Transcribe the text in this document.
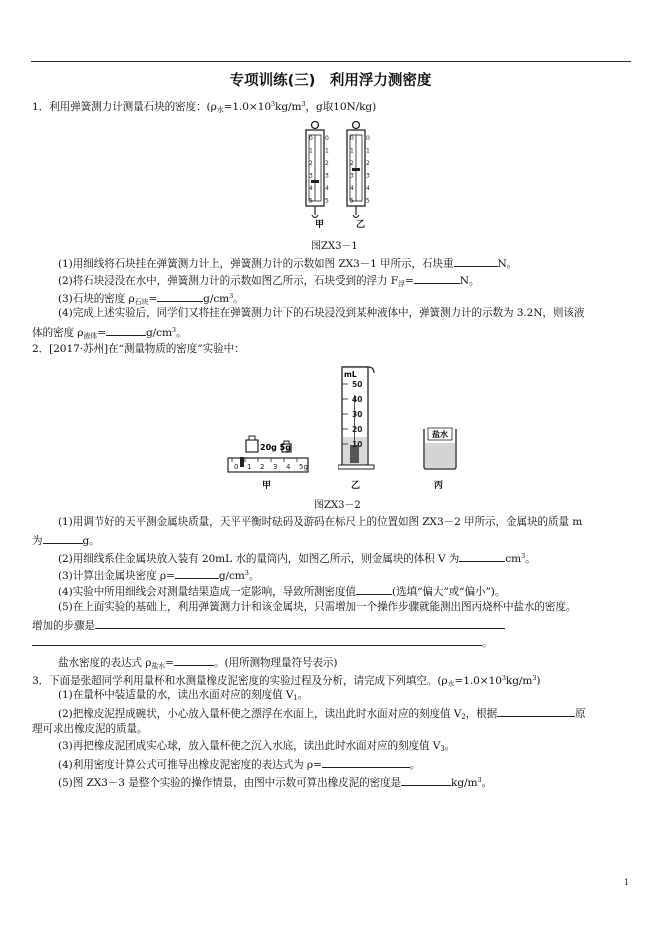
专项训练(三)　利用浮力测密度
1．利用弹簧测力计测量石块的密度：($\rho_水=1.0\times 10^3kg/m^3$，g取10N/kg)
0 0	0 0
1 1	1 1
2 2	2 2
3 3	3 3
4 4	4 4
5 5	5 5
甲	乙
图ZX3－1
(1)用细线将石块挂在弹簧测力计上，弹簧测力计的示数如图 ZX3－1 甲所示，石块重	N。
(2)将石块浸没在水中，弹簧测力计的示数如图乙所示，石块受到的浮力 $F_浮=$	N。
(3)石块的密度 $\rho_{石块}=$	$g/cm^3$。
(4)完成上述实验后，同学们又将挂在弹簧测力计下的石块浸没到某种液体中，弹簧测力计的示数为 3.2N，则该液
体的密度 $\rho_{液体}=$	$g/cm^3$。
2．[2017·苏州]在“测量物质的密度”实验中：
20g 5g
0 1 2 3 4 5g
50
40
30
20
10
mL
盐水
甲	乙	丙
图ZX3－2
(1)用调节好的天平测金属块质量，天平平衡时砝码及游码在标尺上的位置如图 ZX3－2 甲所示，金属块的质量 m
为	g。
(2)用细线系住金属块放入装有 20mL 水的量筒内，如图乙所示，则金属块的体积 V 为	$cm^3$。
(3)计算出金属块密度 ρ=	$g/cm^3$。
(4)实验中所用细线会对测量结果造成一定影响，导致所测密度值	(选填“偏大”或“偏小”)。
(5)在上面实验的基础上，利用弹簧测力计和该金属块，只需增加一个操作步骤就能测出图丙烧杯中盐水的密度。
增加的步骤是
。
盐水密度的表达式 $\rho_{盐水}=$	。(用所测物理量符号表示)
3．下面是张超同学利用量杯和水测量橡皮泥密度的实验过程及分析，请完成下列填空。$(\rho_水=1.0\times 10^3kg/m^3)$
(1)在量杯中装适量的水，读出水面对应的刻度值 $V_1$。
(2)把橡皮泥捏成碗状，小心放入量杯使之漂浮在水面上，读出此时水面对应的刻度值 $V_2$，根据	原
理可求出橡皮泥的质量。
(3)再把橡皮泥团成实心球，放入量杯使之沉入水底，读出此时水面对应的刻度值 $V_3$。
(4)利用密度计算公式可推导出橡皮泥密度的表达式为 ρ=	。
(5)图 ZX3－3 是整个实验的操作情景，由图中示数可算出橡皮泥的密度是	$kg/m^3$。
1
